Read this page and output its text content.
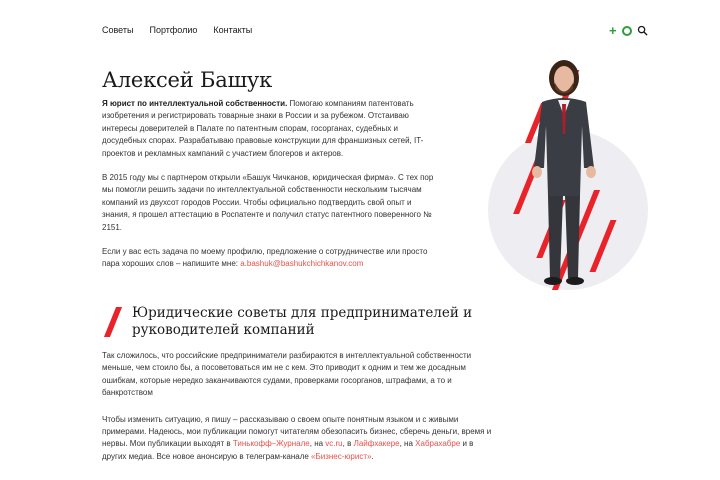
Советы Портфолио Контакты	+
Алексей Башук

Я юрист по интеллектуальной собственности. Помогаю компаниям патентовать изобретения и регистрировать товарные знаки в России и за рубежом. Отстаиваю интересы доверителей в Палате по патентным спорам, госорганах, судебных и досудебных спорах. Разрабатываю правовые конструкции для франшизных сетей, IT-проектов и рекламных кампаний с участием блогеров и актеров.

В 2015 году мы с партнером открыли «Башук Чичканов, юридическая фирма». С тех пор мы помогли решить задачи по интеллектуальной собственности нескольким тысячам компаний из двухсот городов России. Чтобы официально подтвердить свой опыт и знания, я прошел аттестацию в Роспатенте и получил статус патентного поверенного № 2151.

Если у вас есть задача по моему профилю, предложение о сотрудничестве или просто пара хороших слов – напишите мне: a.bashuk@bashukchichkanov.com

Юридические советы для предпринимателей и руководителей компаний

Так сложилось, что российские предприниматели разбираются в интеллектуальной собственности меньше, чем стоило бы, а посоветоваться им не с кем. Это приводит к одним и тем же досадным ошибкам, которые нередко заканчиваются судами, проверками госорганов, штрафами, а то и банкротством

Чтобы изменить ситуацию, я пишу – рассказываю о своем опыте понятным языком и с живыми примерами. Надеюсь, мои публикации помогут читателям обезопасить бизнес, сберечь деньги, время и нервы. Мои публикации выходят в Тинькофф–Журнале, на vc.ru, в Лайфхакере, на Хабрахабре и в других медиа. Все новое анонсирую в телеграм-канале «Бизнес-юрист».
